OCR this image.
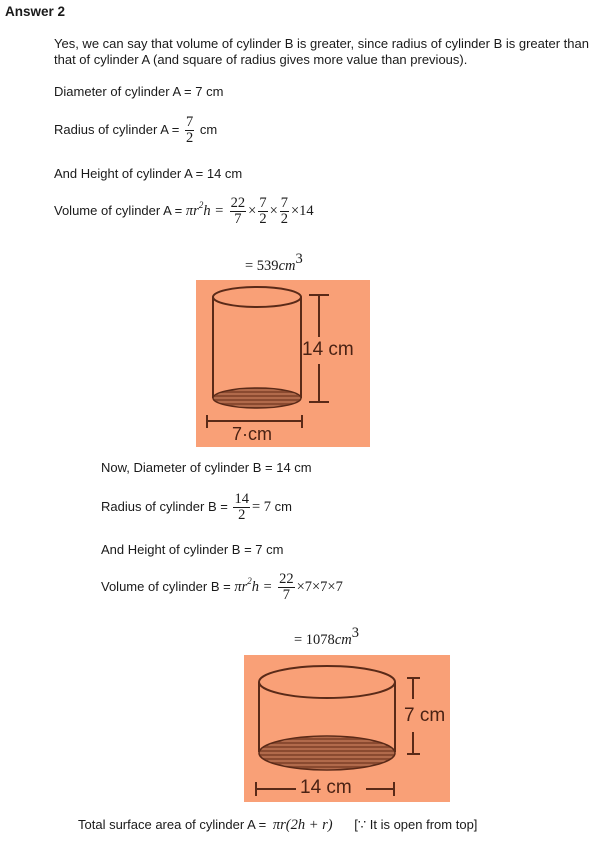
Answer 2
Yes, we can say that volume of cylinder B is greater, since radius of cylinder B is greater than that of cylinder A (and square of radius gives more value than previous).
Diameter of cylinder A = 7 cm
Radius of cylinder $A = \frac{7}{2}$ cm
And Height of cylinder A = 14 cm
Volume of cylinder $A = \pi r^2h = \frac{22}{7} \times \frac{7}{2} \times \frac{7}{2} \times 14$
= $539cm^3$
14 cm
7·cm
Now, Diameter of cylinder B = 14 cm
Radius of cylinder $B = \frac{14}{2} = 7$ cm
And Height of cylinder B = 7 cm
Volume of cylinder $B = \pi r^2h = \frac{22}{7} \times 7\times 7\times 7$
= $1078cm^3$
7 cm
14 cm
Total surface area of cylinder A = πr(2h + r) [∵ It is open from top]
